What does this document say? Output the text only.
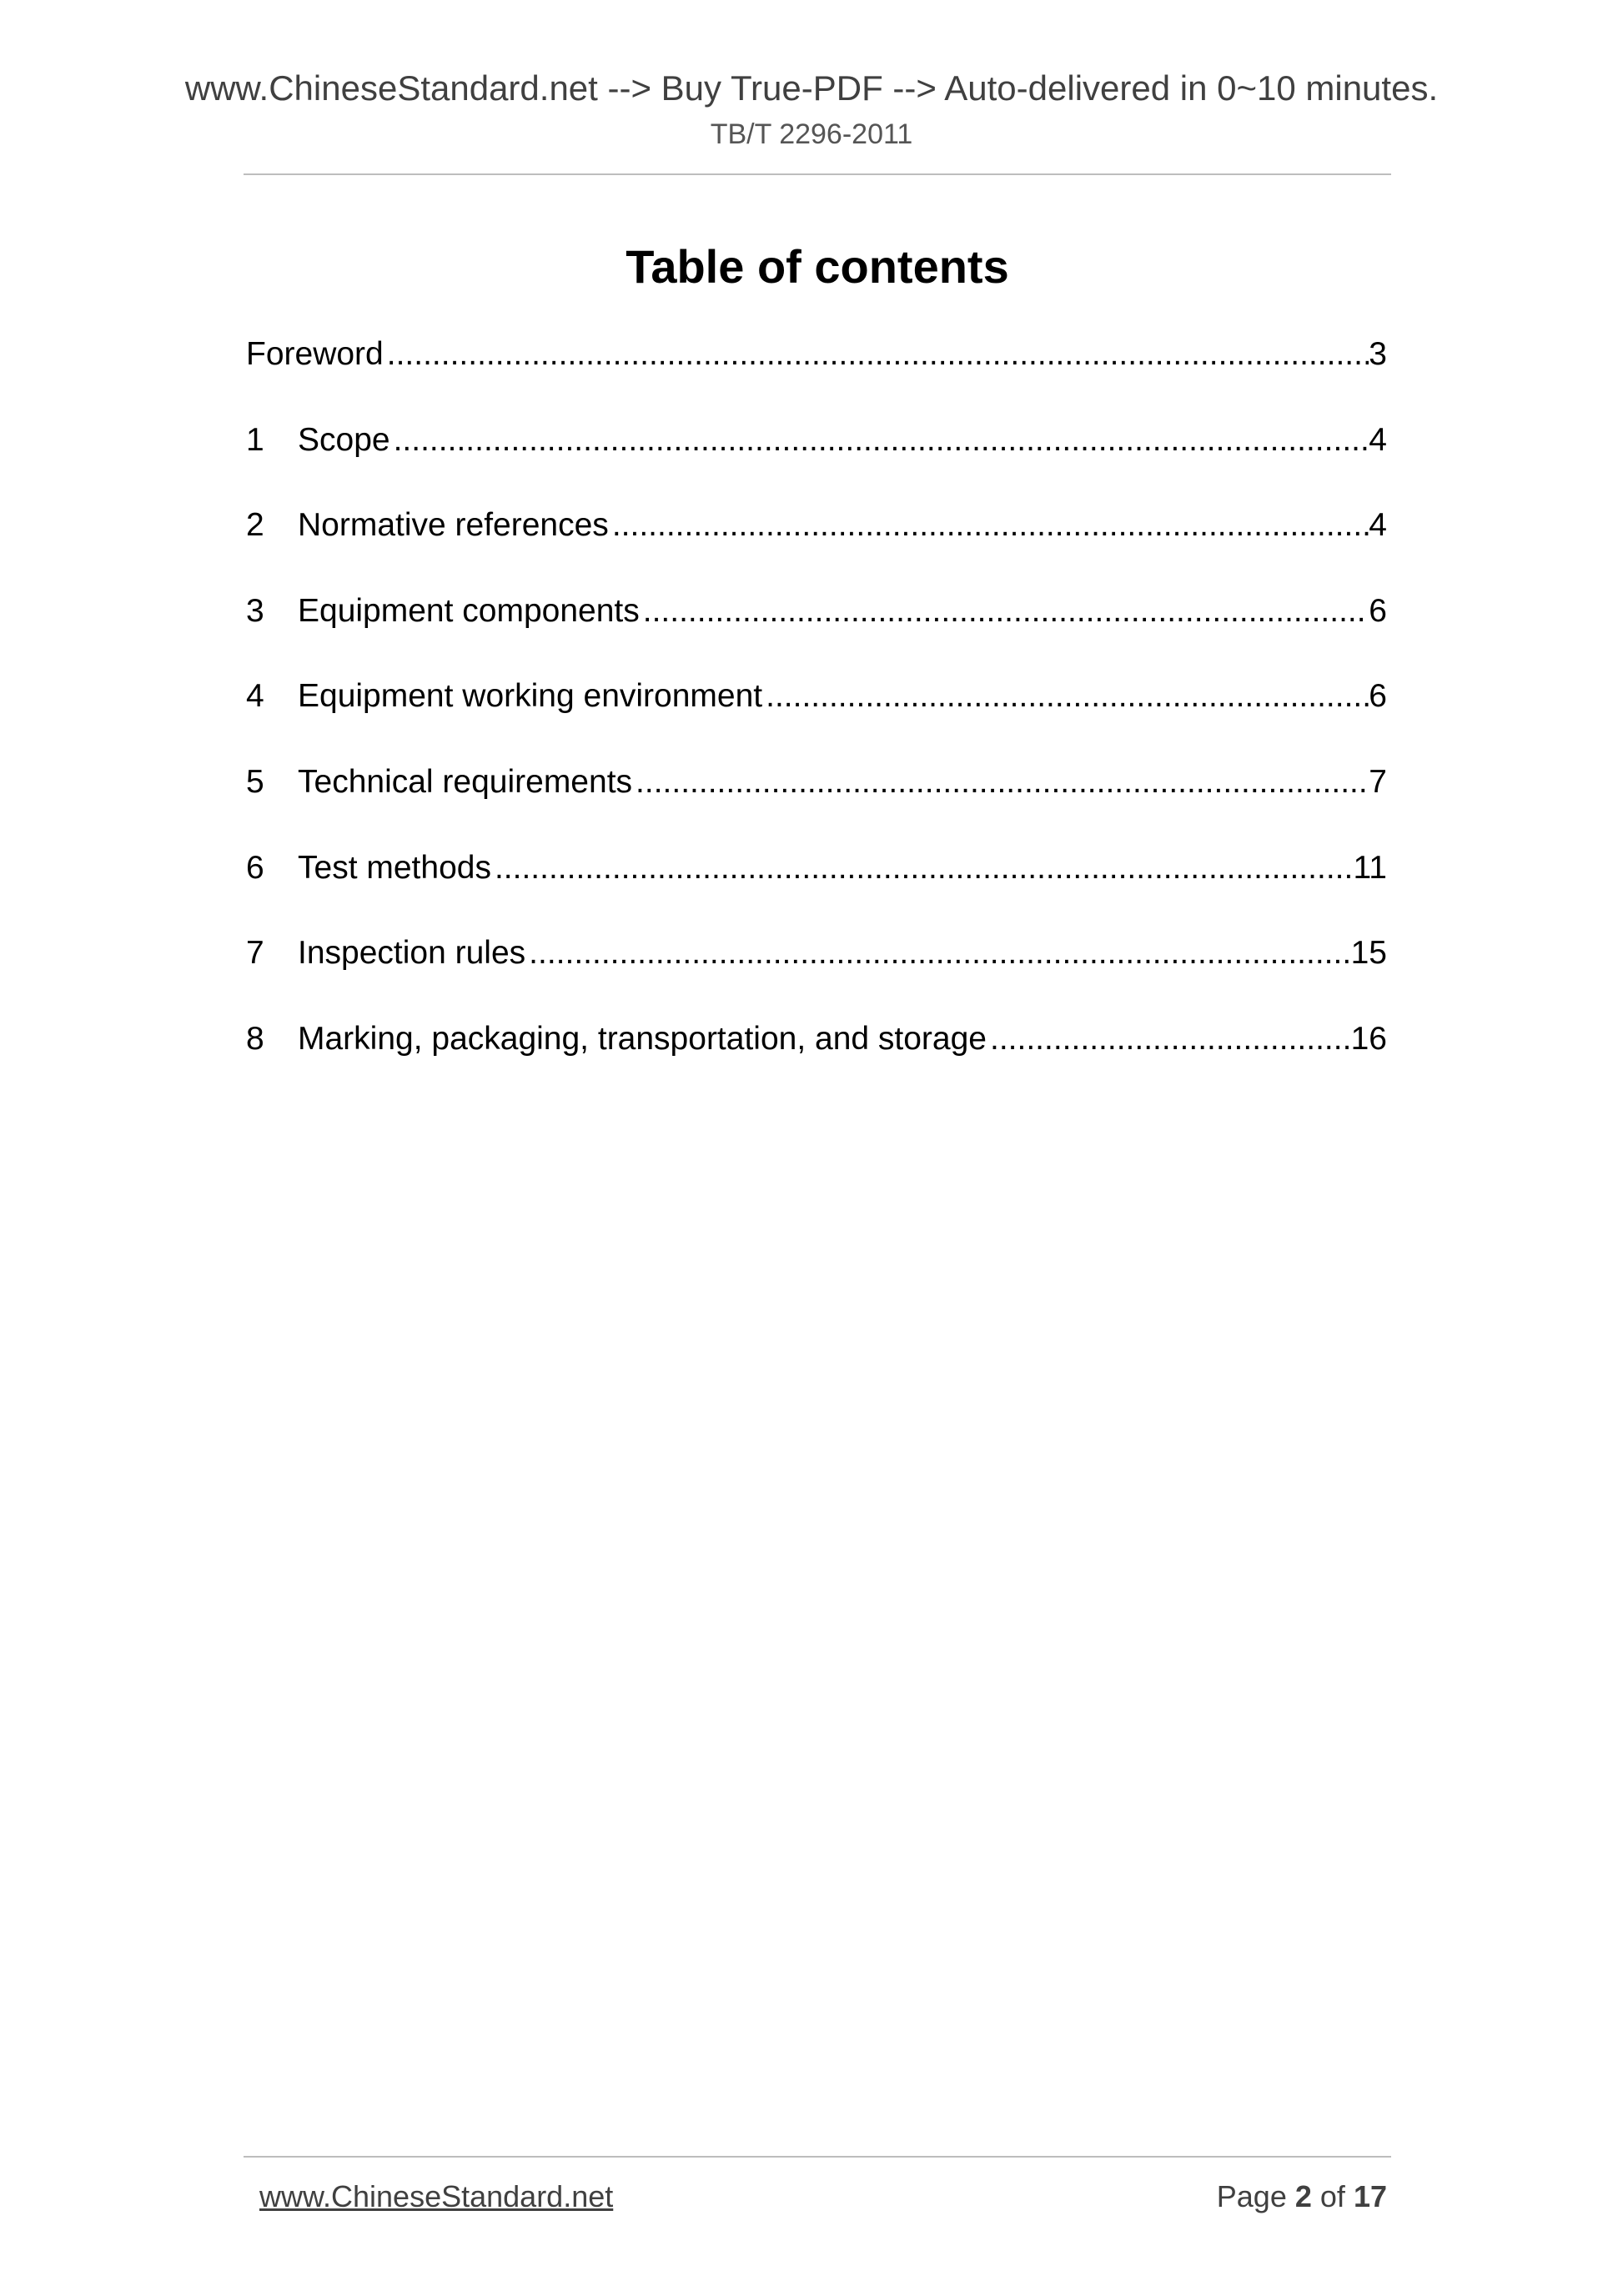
www.ChineseStandard.net --> Buy True-PDF --> Auto-delivered in 0~10 minutes.
TB/T 2296-2011
Table of contents
Foreword .....	3
1	Scope .....	4
2	Normative references .....	4
3	Equipment components .....	6
4	Equipment working environment .....	6
5	Technical requirements .....	7
6	Test methods .....	11
7	Inspection rules .....	15
8	Marking, packaging, transportation, and storage .....	16
www.ChineseStandard.net	Page 2 of 17
